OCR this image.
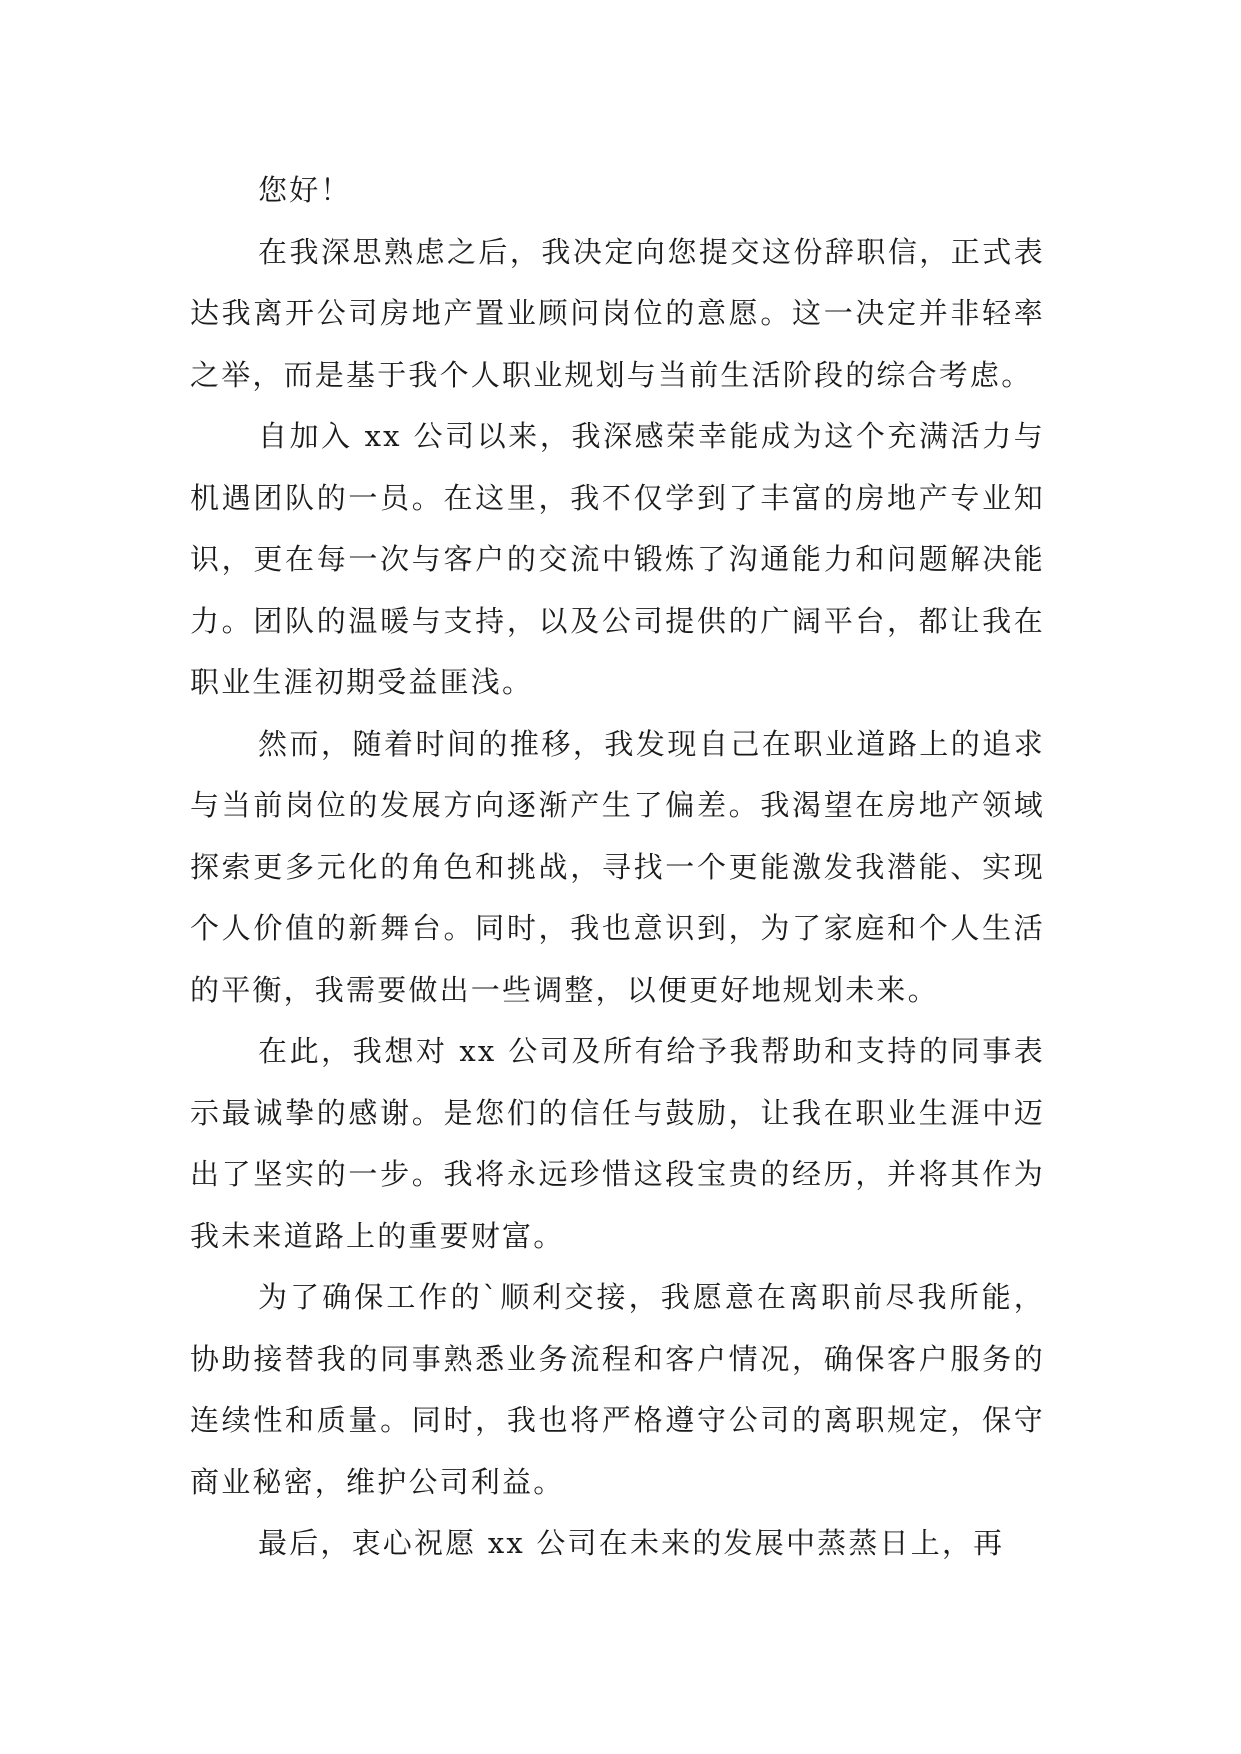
您好！

在我深思熟虑之后，我决定向您提交这份辞职信，正式表达我离开公司房地产置业顾问岗位的意愿。这一决定并非轻率之举，而是基于我个人职业规划与当前生活阶段的综合考虑。

自加入 xx 公司以来，我深感荣幸能成为这个充满活力与机遇团队的一员。在这里，我不仅学到了丰富的房地产专业知识，更在每一次与客户的交流中锻炼了沟通能力和问题解决能力。团队的温暖与支持，以及公司提供的广阔平台，都让我在职业生涯初期受益匪浅。

然而，随着时间的推移，我发现自己在职业道路上的追求与当前岗位的发展方向逐渐产生了偏差。我渴望在房地产领域探索更多元化的角色和挑战，寻找一个更能激发我潜能、实现个人价值的新舞台。同时，我也意识到，为了家庭和个人生活的平衡，我需要做出一些调整，以便更好地规划未来。

在此，我想对 xx 公司及所有给予我帮助和支持的同事表示最诚挚的感谢。是您们的信任与鼓励，让我在职业生涯中迈出了坚实的一步。我将永远珍惜这段宝贵的经历，并将其作为我未来道路上的重要财富。

为了确保工作的`顺利交接，我愿意在离职前尽我所能，协助接替我的同事熟悉业务流程和客户情况，确保客户服务的连续性和质量。同时，我也将严格遵守公司的离职规定，保守商业秘密，维护公司利益。

最后，衷心祝愿 xx 公司在未来的发展中蒸蒸日上，再
